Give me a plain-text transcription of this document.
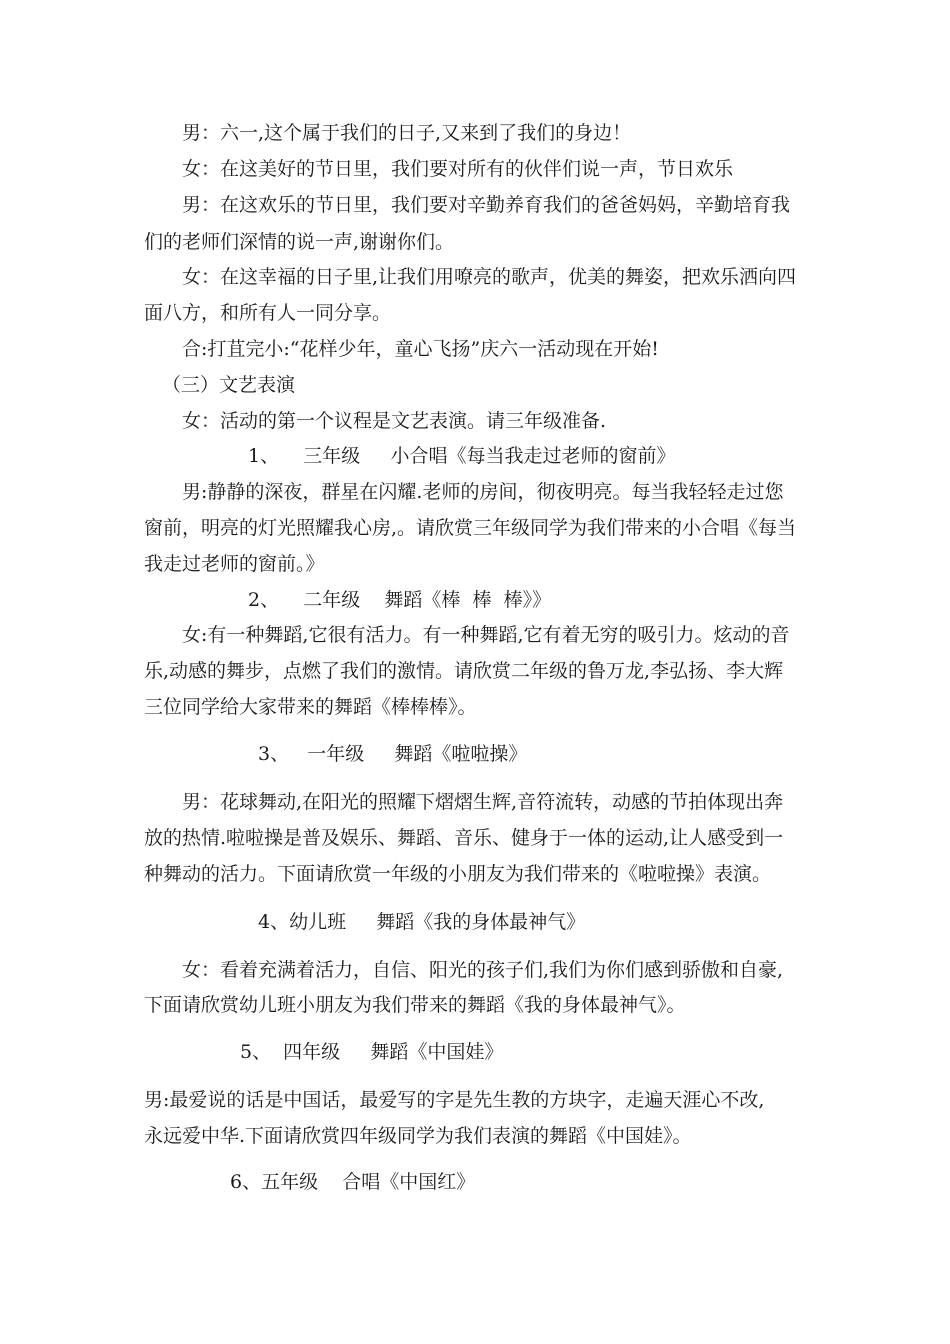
男：六一,这个属于我们的日子,又来到了我们的身边！

女：在这美好的节日里，我们要对所有的伙伴们说一声，节日欢乐

男：在这欢乐的节日里，我们要对辛勤养育我们的爸爸妈妈，辛勤培育我

们的老师们深情的说一声,谢谢你们。

女：在这幸福的日子里,让我们用嘹亮的歌声，优美的舞姿，把欢乐洒向四

面八方，和所有人一同分享。

合:打苴完小:“花样少年，童心飞扬”庆六一活动现在开始!

（三）文艺表演

女：活动的第一个议程是文艺表演。请三年级准备.

1、    三年级     小合唱《每当我走过老师的窗前》

男:静静的深夜，群星在闪耀.老师的房间，彻夜明亮。每当我轻轻走过您

窗前，明亮的灯光照耀我心房,。请欣赏三年级同学为我们带来的小合唱《每当

我走过老师的窗前。》

2、    二年级    舞蹈《棒  棒  棒》》

女:有一种舞蹈,它很有活力。有一种舞蹈,它有着无穷的吸引力。炫动的音

乐,动感的舞步，点燃了我们的激情。请欣赏二年级的鲁万龙,李弘扬、李大辉

三位同学给大家带来的舞蹈《棒棒棒》。

3、   一年级     舞蹈《啦啦操》

男：花球舞动,在阳光的照耀下熠熠生辉,音符流转，动感的节拍体现出奔

放的热情.啦啦操是普及娱乐、舞蹈、音乐、健身于一体的运动,让人感受到一

种舞动的活力。下面请欣赏一年级的小朋友为我们带来的《啦啦操》表演。

4、幼儿班     舞蹈《我的身体最神气》

女：看着充满着活力，自信、阳光的孩子们,我们为你们感到骄傲和自豪,

下面请欣赏幼儿班小朋友为我们带来的舞蹈《我的身体最神气》。

5、  四年级     舞蹈《中国娃》

男:最爱说的话是中国话，最爱写的字是先生教的方块字，走遍天涯心不改,

永远爱中华.下面请欣赏四年级同学为我们表演的舞蹈《中国娃》。

6、五年级    合唱《中国红》
